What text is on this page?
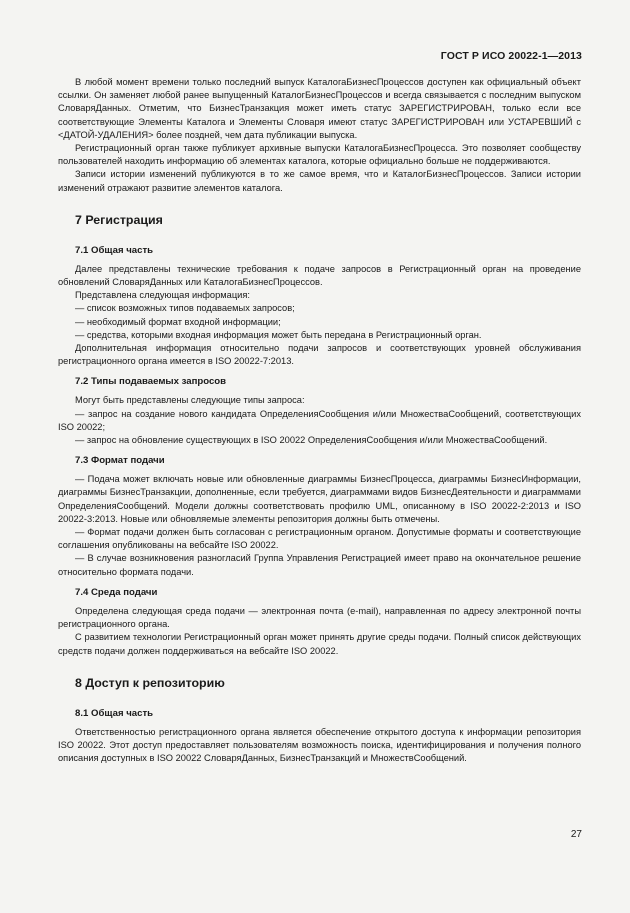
ГОСТ Р ИСО 20022-1—2013

В любой момент времени только последний выпуск КаталогаБизнесПроцессов доступен как официальный объект ссылки. Он заменяет любой ранее выпущенный КаталогБизнесПроцессов и всегда связывается с последним выпуском СловаряДанных. Отметим, что БизнесТранзакция может иметь статус ЗАРЕГИСТРИРОВАН, только если все соответствующие Элементы Каталога и Элементы Словаря имеют статус ЗАРЕГИСТРИРОВАН или УСТАРЕВШИЙ с <ДАТОЙ-УДАЛЕНИЯ> более поздней, чем дата публикации выпуска.

Регистрационный орган также публикует архивные выпуски КаталогаБизнесПроцесса. Это позволяет сообществу пользователей находить информацию об элементах каталога, которые официально больше не поддерживаются.

Записи истории изменений публикуются в то же самое время, что и КаталогБизнесПроцессов. Записи истории изменений отражают развитие элементов каталога.

7 Регистрация
7.1 Общая часть

Далее представлены технические требования к подаче запросов в Регистрационный орган на проведение обновлений СловаряДанных или КаталогаБизнесПроцессов.

Представлена следующая информация:

— список возможных типов подаваемых запросов;

— необходимый формат входной информации;

— средства, которыми входная информация может быть передана в Регистрационный орган.

Дополнительная информация относительно подачи запросов и соответствующих уровней обслуживания регистрационного органа имеется в ISO 20022-7:2013.

7.2 Типы подаваемых запросов

Могут быть представлены следующие типы запроса:

— запрос на создание нового кандидата ОпределенияСообщения и/или МножестваСообщений, соответствующих ISO 20022;

— запрос на обновление существующих в ISO 20022 ОпределенияСообщения и/или МножестваСообщений.

7.3 Формат подачи

— Подача может включать новые или обновленные диаграммы БизнесПроцесса, диаграммы БизнесИнформации, диаграммы БизнесТранзакции, дополненные, если требуется, диаграммами видов БизнесДеятельности и диаграммами ОпределенияСообщений. Модели должны соответствовать профилю UML, описанному в ISO 20022-2:2013 и ISO 20022-3:2013. Новые или обновляемые элементы репозитория должны быть отмечены.

— Формат подачи должен быть согласован с регистрационным органом. Допустимые форматы и соответствующие соглашения опубликованы на вебсайте ISO 20022.

— В случае возникновения разногласий Группа Управления Регистрацией имеет право на окончательное решение относительно формата подачи.

7.4 Среда подачи

Определена следующая среда подачи — электронная почта (e-mail), направленная по адресу электронной почты регистрационного органа.

С развитием технологии Регистрационный орган может принять другие среды подачи. Полный список действующих средств подачи должен поддерживаться на вебсайте ISO 20022.

8 Доступ к репозиторию
8.1 Общая часть

Ответственностью регистрационного органа является обеспечение открытого доступа к информации репозитория ISO 20022. Этот доступ предоставляет пользователям возможность поиска, идентифицирования и получения полного описания доступных в ISO 20022 СловаряДанных, БизнесТранзакций и МножествСообщений.

27
